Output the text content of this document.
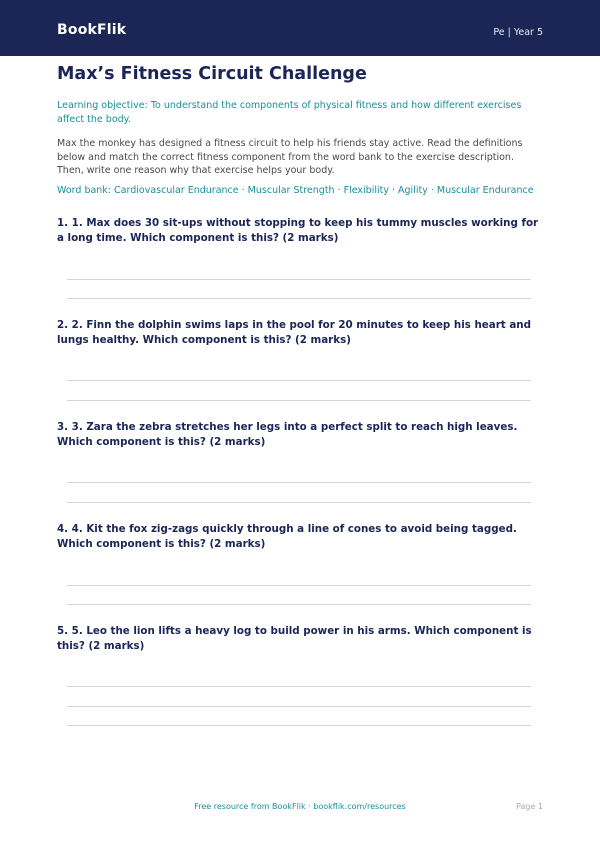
BookFlik	Pe | Year 5
Max’s Fitness Circuit Challenge

Learning objective: To understand the components of physical fitness and how different exercises affect the body.

Max the monkey has designed a fitness circuit to help his friends stay active. Read the definitions below and match the correct fitness component from the word bank to the exercise description. Then, write one reason why that exercise helps your body.

Word bank: Cardiovascular Endurance · Muscular Strength · Flexibility · Agility · Muscular Endurance

1. 1. Max does 30 sit-ups without stopping to keep his tummy muscles working for a long time. Which component is this? (2 marks)

2. 2. Finn the dolphin swims laps in the pool for 20 minutes to keep his heart and lungs healthy. Which component is this? (2 marks)

3. 3. Zara the zebra stretches her legs into a perfect split to reach high leaves. Which component is this? (2 marks)

4. 4. Kit the fox zig-zags quickly through a line of cones to avoid being tagged. Which component is this? (2 marks)

5. 5. Leo the lion lifts a heavy log to build power in his arms. Which component is this? (2 marks)

Free resource from BookFlik · bookflik.com/resources	Page 1
